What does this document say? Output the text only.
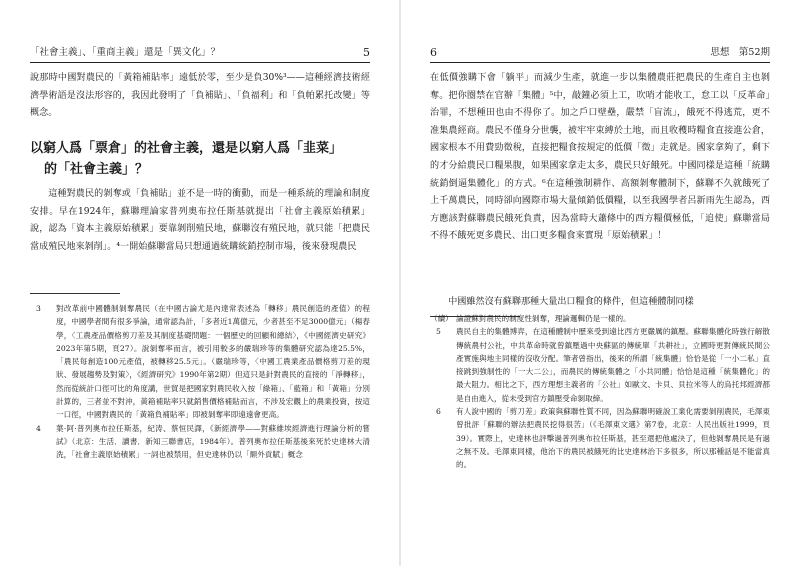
「社會主義」、「重商主義」還是「異文化」？	5

說那時中國對農民的「黃箱補貼率」遠低於零，至少是負30%³——這種經濟技術經濟學術語是沒法形容的，我因此發明了「負補貼」、「負福利」和「負帕累托改變」等概念。

以窮人爲「票倉」的社會主義，還是以窮人爲「韭菜」
的「社會主義」？

這種對農民的剝奪或「負補貼」並不是一時的衝動，而是一種系統的理論和制度安排。早在1924年，蘇聯理論家普列奧布拉任斯基就提出「社會主義原始積累」說，認為「資本主義原始積累」要靠剝削殖民地，蘇聯沒有殖民地，就只能「把農民當成殖民地來剝削」。⁴一開始蘇聯當局只想通過統購統銷控制市場，後來發現農民

3 對改革前中國體制剝奪農民（在中國古論尤是內達常表述為「轉移」農民創造的產值）的程度，中國學者間有很多爭論，通常認為計，「多者近1萬億元，少者甚至不足3000億元」（楊春學，〈工農產品價格剪刀差及其制度基礎問題：一個歷史的回顧和總結〉，《中國經濟史研究》2023年第5期，頁27）。說剝奪率而言，被引用較多的嚴瑞珍等的集體研究認為達25.5%，「農民每創造100元產值，被轉移25.5元」。（嚴瑞珍等，〈中國工農業產品價格剪刀差的現狀、發展趨勢及對策〉，《經濟研究》1990年第2期）但這只是針對農民的直接的「淨轉移」，然而從統計口徑可比的角度講，世貿是把國家對農民收入按「綠箱」、「藍箱」和「黃箱」分別計算的，三者並不對沖，黃箱補貼率只就銷售價格補貼而言，不涉及宏觀上的農業投資，按這一口徑，中國對農民的「黃箱負補貼率」即被剝奪率即遠遠會更高。

4 葉·阿·普列奧布拉任斯基，紀涛、蔡恒民譯，《新經濟學——對蘇維埃經濟進行理論分析的嘗試》（北京：生活．讀書．新知三聯書店，1984年）。普列奧布拉任斯基後來死於史達林大清洗，「社會主義原始積累」一詞也被禁用，但史達林仍以「額外貢賦」概念

6	思想　第52期

在低價強購下會「躺平」而減少生產，就進一步以集體農莊把農民的生產自主也剝奪。把你圈禁在官辦「集體」⁵中，敲鐘必須上工，吹哨才能收工，怠工以「反革命」治罪，不想種田也由不得你了。加之戶口壁壘，嚴禁「盲流」，餓死不得逃荒，更不准集農經商。農民不僅身分世襲，被牢牢束縛於土地，而且收穫時糧食直接進公倉，國家根本不用費勁徵稅，直接把糧食按規定的低價「徵」走就是。國家拿夠了，剩下的才分給農民口糧果腹，如果國家拿走太多，農民只好餓死。中國同樣是這種「統購統銷倒逼集體化」的方式。⁶在這種強制耕作、高額剝奪體制下，蘇聯不久就餓死了上千萬農民，同時卻向國際市場大量傾銷低價糧，以至我國學者呂新雨先生認為，西方應該對蘇聯農民餓死負責，因為當時大蕭條中的西方糧價極低，「追使」蘇聯當局不得不餓死更多農民、出口更多糧食來實現「原始積累」！

中國雖然沒有蘇聯那種大量出口糧食的條件，但這種體制同樣

（續） 論證蘇對農民的制度性剝奪，理論邏輯仍是一樣的。

5 農民自主的集體博弈，在這種體制中歷來受到遠比西方更嚴厲的鎮壓。蘇聯集體化時強行解散傳統農村公社，中共革命時就曾鎮壓過中央蘇區的傳統單「共耕社」，立國時更對傳統民間公產實施與地主同樣的沒收分配。筆者曾指出，後來的所謂「統集體」恰恰是從「一小二私」直接跳到強制性的「一大二公」，而農民的傳統集體之「小共同體」恰恰是這種「統集體化」的最大阻力。相比之下，西方理想主義者的「公社」如歐文、卡貝、貝拉米等人的烏托邦經濟都是自由進入，從未受到官方鎮壓受命剝取締。

6 有人說中國的「剪刀差」政策與蘇聯性質不同，因為蘇聯明確說工業化需要剝削農民，毛澤東曾批評「蘇聯的辦法把農民挖得很苦」（《毛澤東文選》第7卷，北京：人民出版社1999，頁39）。實際上，史達林也評擊過普列奧布拉任斯基，甚至還把他處決了，但他剝奪農民是有過之無不及。毛澤東同樣，他治下的農民被餓死的比史達林治下多很多，所以那種話是不能當真的。
